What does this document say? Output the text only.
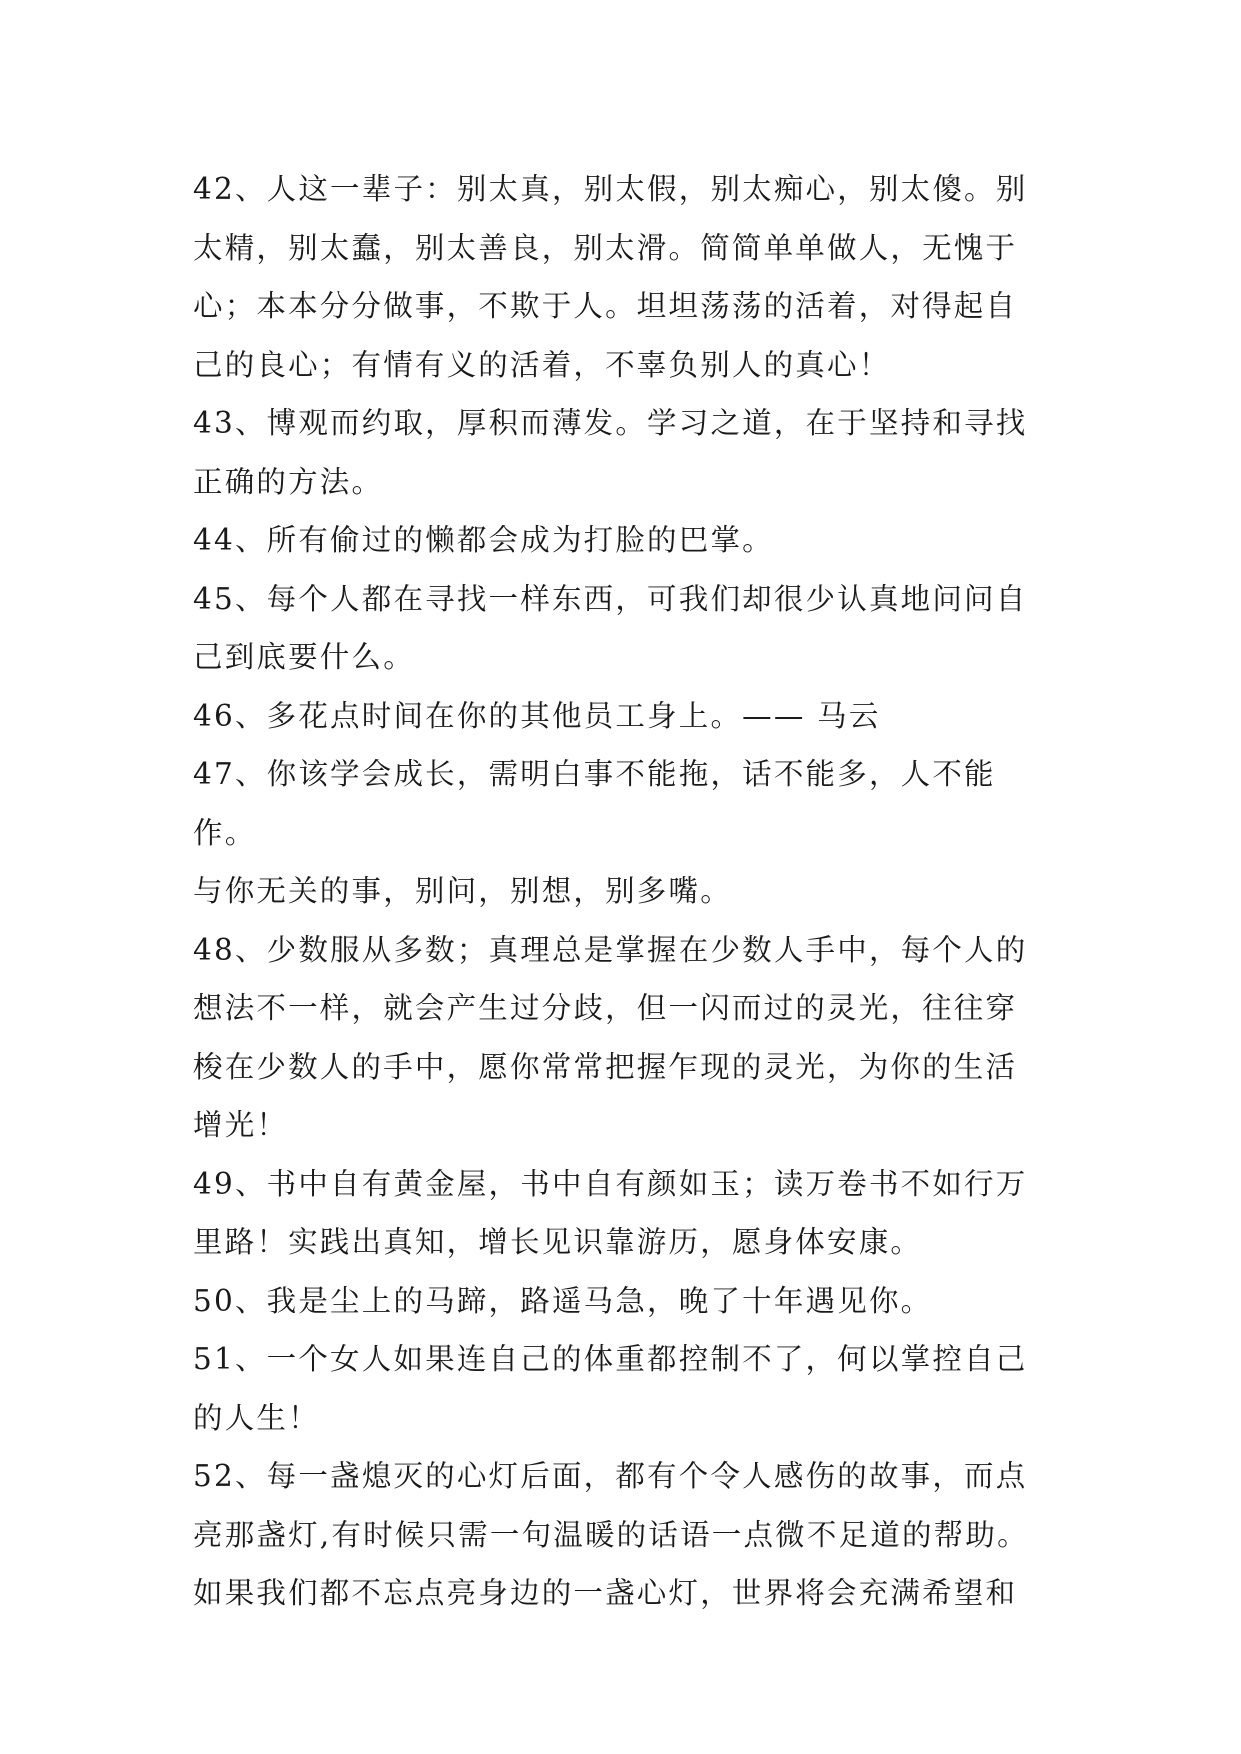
42、人这一辈子：别太真，别太假，别太痴心，别太傻。别
太精，别太蠢，别太善良，别太滑。简简单单做人，无愧于
心；本本分分做事，不欺于人。坦坦荡荡的活着，对得起自
己的良心；有情有义的活着，不辜负别人的真心！
43、博观而约取，厚积而薄发。学习之道，在于坚持和寻找
正确的方法。
44、所有偷过的懒都会成为打脸的巴掌。
45、每个人都在寻找一样东西，可我们却很少认真地问问自
己到底要什么。
46、多花点时间在你的其他员工身上。—— 马云
47、你该学会成长，需明白事不能拖，话不能多，人不能作。
与你无关的事，别问，别想，别多嘴。
48、少数服从多数；真理总是掌握在少数人手中，每个人的
想法不一样，就会产生过分歧，但一闪而过的灵光，往往穿
梭在少数人的手中，愿你常常把握乍现的灵光，为你的生活
增光！
49、书中自有黄金屋，书中自有颜如玉；读万卷书不如行万
里路！实践出真知，增长见识靠游历，愿身体安康。
50、我是尘上的马蹄，路遥马急，晚了十年遇见你。
51、一个女人如果连自己的体重都控制不了，何以掌控自己
的人生！
52、每一盏熄灭的心灯后面，都有个令人感伤的故事，而点
亮那盏灯,有时候只需一句温暖的话语一点微不足道的帮助。
如果我们都不忘点亮身边的一盏心灯，世界将会充满希望和
